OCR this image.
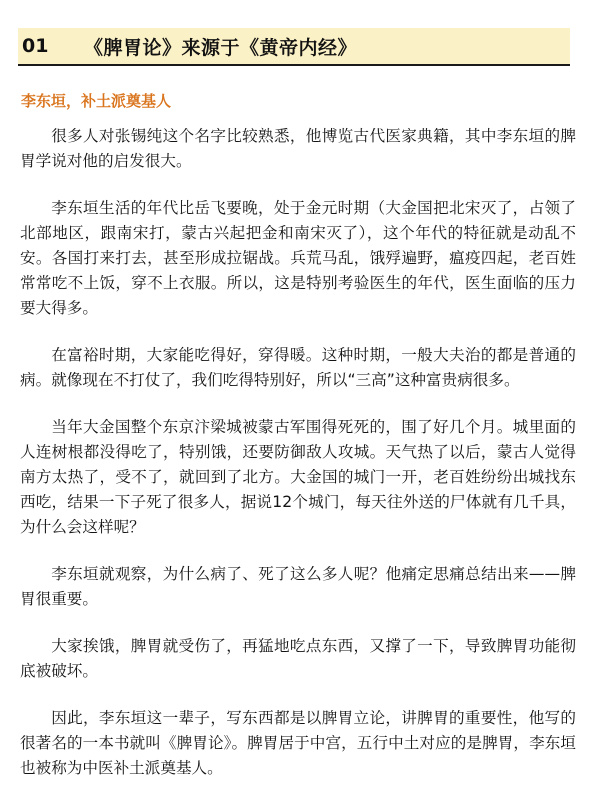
01	《脾胃论》来源于《黄帝内经》
李东垣，补土派奠基人

很多人对张锡纯这个名字比较熟悉，他博览古代医家典籍，其中李东垣的脾胃学说对他的启发很大。

李东垣生活的年代比岳飞要晚，处于金元时期（大金国把北宋灭了，占领了北部地区，跟南宋打，蒙古兴起把金和南宋灭了），这个年代的特征就是动乱不安。各国打来打去，甚至形成拉锯战。兵荒马乱，饿殍遍野，瘟疫四起，老百姓常常吃不上饭，穿不上衣服。所以，这是特别考验医生的年代，医生面临的压力要大得多。

在富裕时期，大家能吃得好，穿得暖。这种时期，一般大夫治的都是普通的病。就像现在不打仗了，我们吃得特别好，所以“三高”这种富贵病很多。

当年大金国整个东京汴梁城被蒙古军围得死死的，围了好几个月。城里面的人连树根都没得吃了，特别饿，还要防御敌人攻城。天气热了以后，蒙古人觉得南方太热了，受不了，就回到了北方。大金国的城门一开，老百姓纷纷出城找东西吃，结果一下子死了很多人，据说12个城门，每天往外送的尸体就有几千具，为什么会这样呢？

李东垣就观察，为什么病了、死了这么多人呢？他痛定思痛总结出来——脾胃很重要。

大家挨饿，脾胃就受伤了，再猛地吃点东西，又撑了一下，导致脾胃功能彻底被破坏。

因此，李东垣这一辈子，写东西都是以脾胃立论，讲脾胃的重要性，他写的很著名的一本书就叫《脾胃论》。脾胃居于中宫，五行中土对应的是脾胃，李东垣也被称为中医补土派奠基人。
